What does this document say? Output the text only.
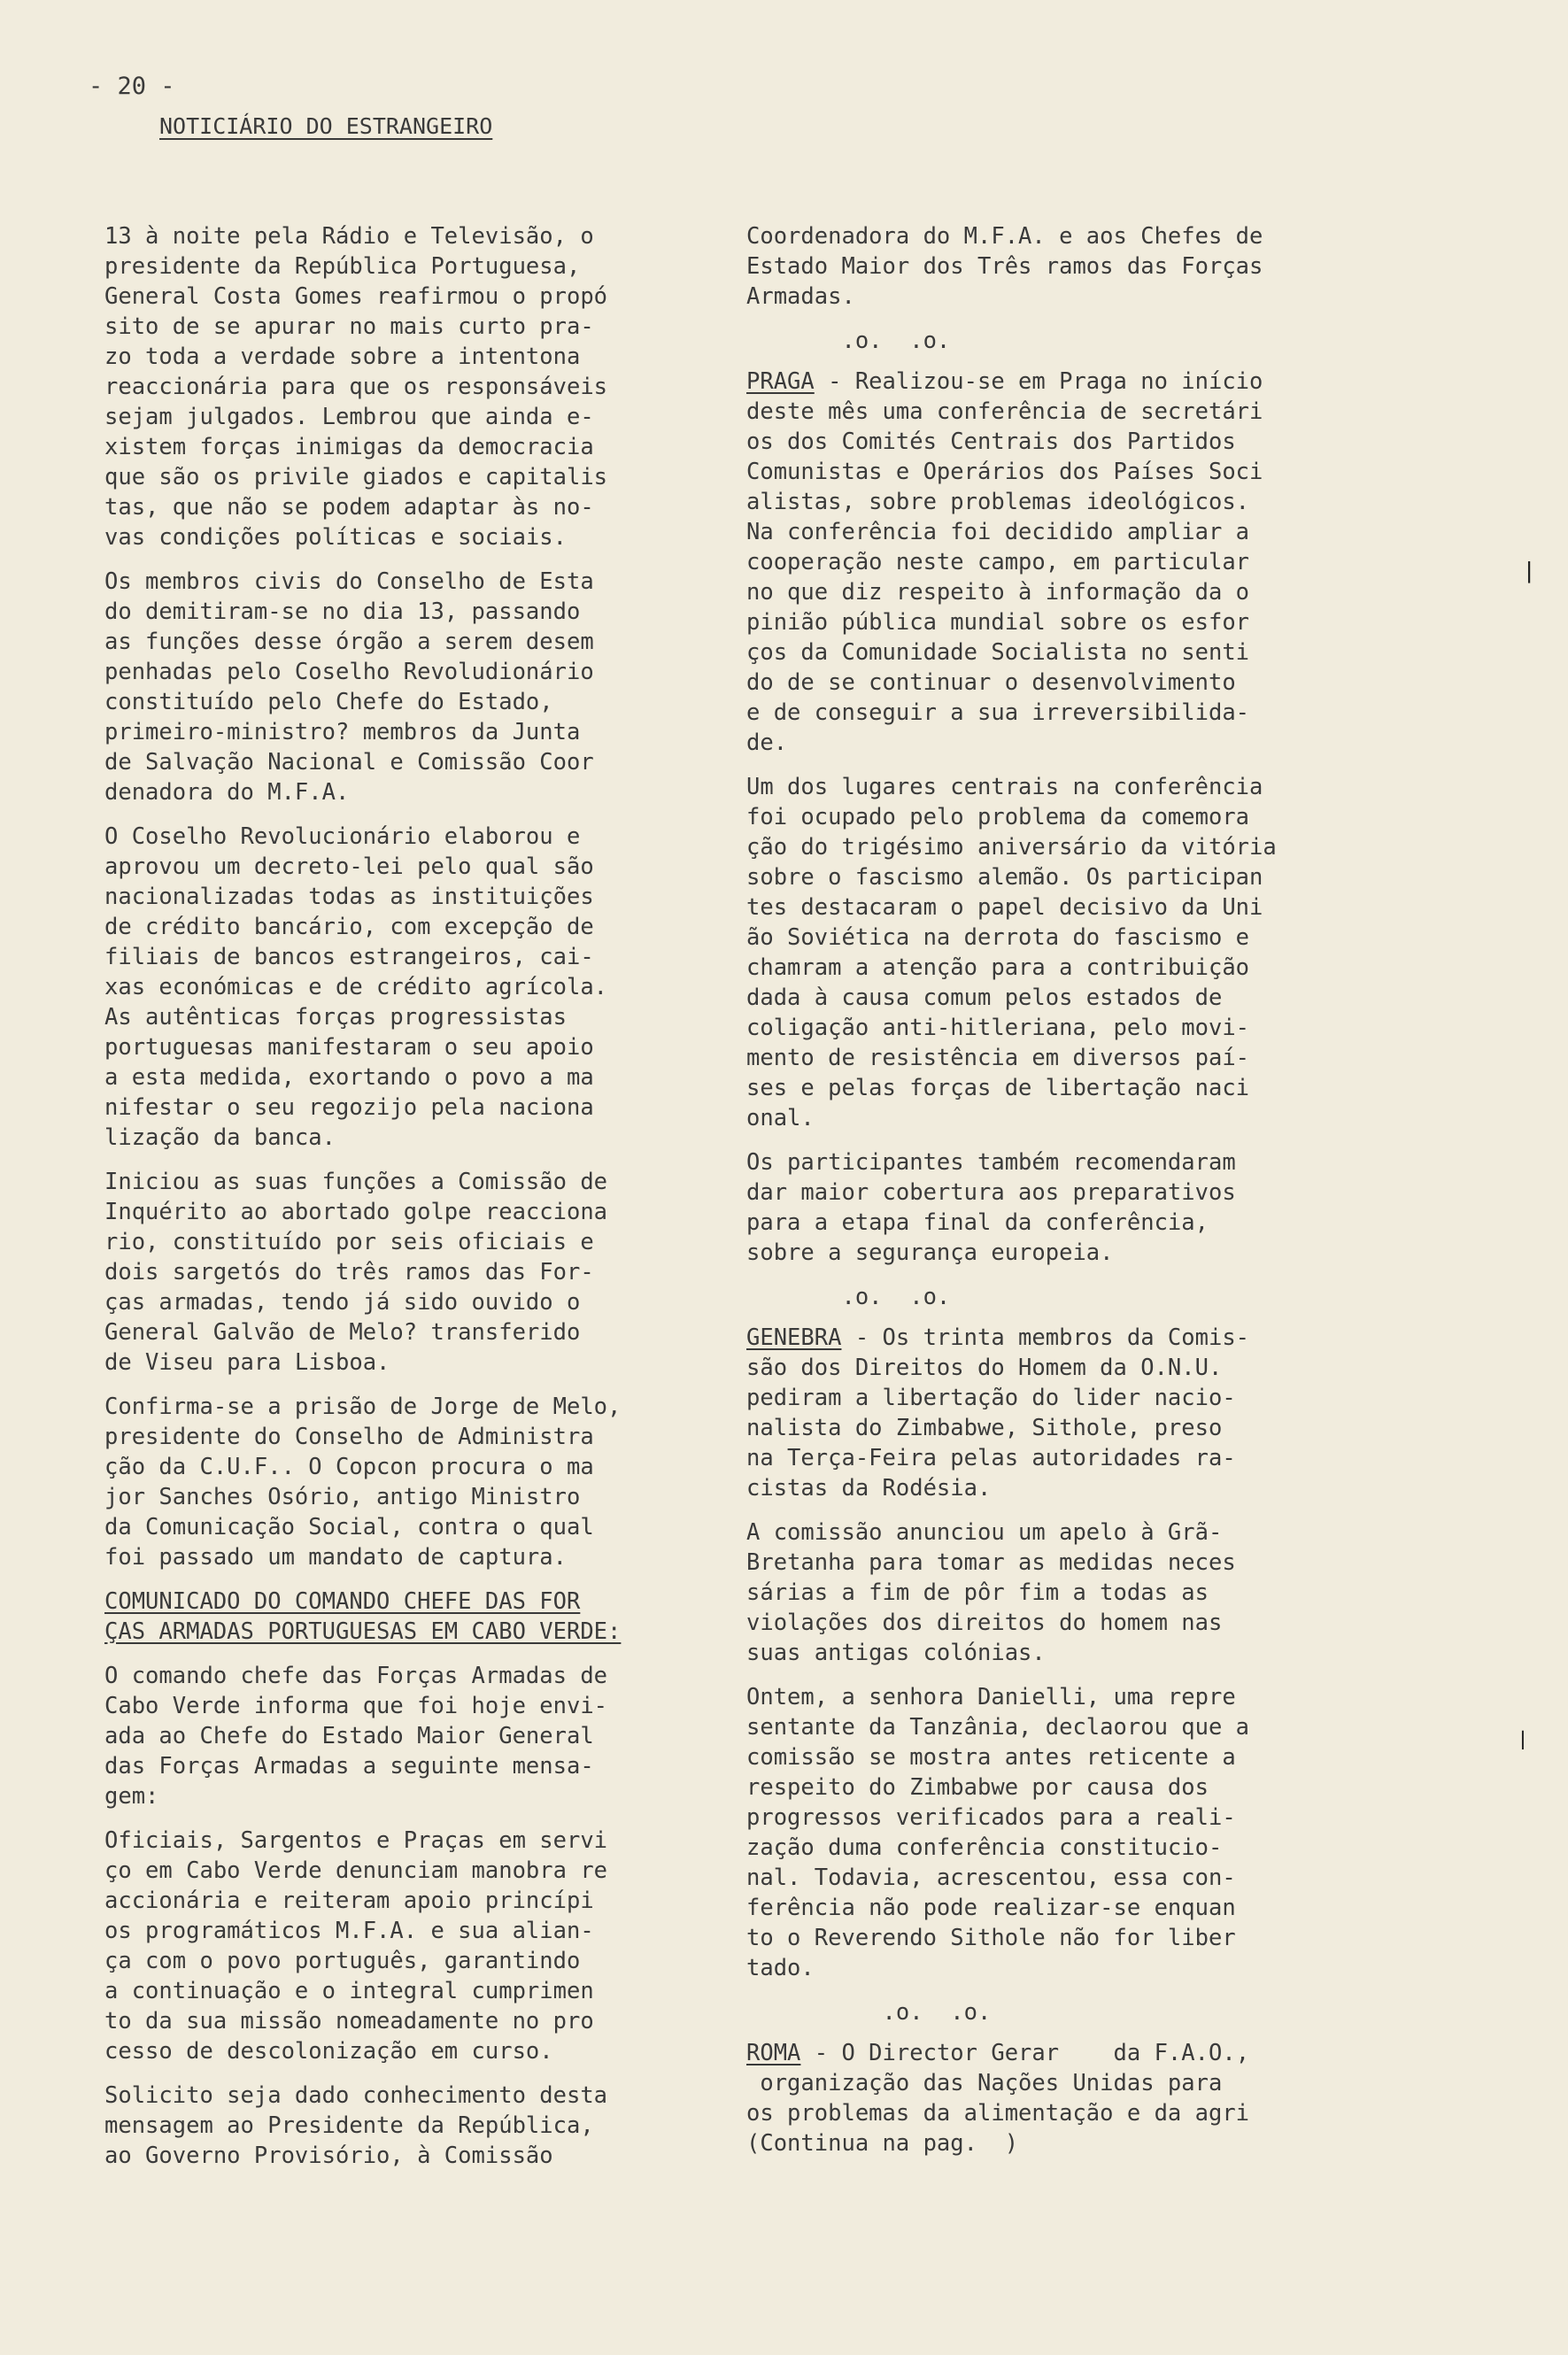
- 20 -
NOTICIÁRIO DO ESTRANGEIRO

13 à noite pela Rádio e Televisão, o
presidente da República Portuguesa,
General Costa Gomes reafirmou o propó
sito de se apurar no mais curto pra-
zo toda a verdade sobre a intentona
reaccionária para que os responsáveis
sejam julgados. Lembrou que ainda e-
xistem forças inimigas da democracia
que são os privile giados e capitalis
tas, que não se podem adaptar às no-
vas condições políticas e sociais.

Os membros civis do Conselho de Esta
do demitiram-se no dia 13, passando
as funções desse órgão a serem desem
penhadas pelo Coselho Revoludionário
constituído pelo Chefe do Estado,
primeiro-ministro? membros da Junta
de Salvação Nacional e Comissão Coor
denadora do M.F.A.

O Coselho Revolucionário elaborou e
aprovou um decreto-lei pelo qual são
nacionalizadas todas as instituições
de crédito bancário, com excepção de
filiais de bancos estrangeiros, cai-
xas económicas e de crédito agrícola.
As autênticas forças progressistas
portuguesas manifestaram o seu apoio
a esta medida, exortando o povo a ma
nifestar o seu regozijo pela naciona
lização da banca.

Iniciou as suas funções a Comissão de
Inquérito ao abortado golpe reacciona
rio, constituído por seis oficiais e
dois sargetós do três ramos das For-
ças armadas, tendo já sido ouvido o
General Galvão de Melo? transferido
de Viseu para Lisboa.

Confirma-se a prisão de Jorge de Melo,
presidente do Conselho de Administra
ção da C.U.F.. O Copcon procura o ma
jor Sanches Osório, antigo Ministro
da Comunicação Social, contra o qual
foi passado um mandato de captura.

COMUNICADO DO COMANDO CHEFE DAS FOR
ÇAS ARMADAS PORTUGUESAS EM CABO VERDE:

O comando chefe das Forças Armadas de
Cabo Verde informa que foi hoje envi-
ada ao Chefe do Estado Maior General
das Forças Armadas a seguinte mensa-
gem:

Oficiais, Sargentos e Praças em servi
ço em Cabo Verde denunciam manobra re
accionária e reiteram apoio princípi
os programáticos M.F.A. e sua alian-
ça com o povo português, garantindo
a continuação e o integral cumprimen
to da sua missão nomeadamente no pro
cesso de descolonização em curso.

Solicito seja dado conhecimento desta
mensagem ao Presidente da República,
ao Governo Provisório, à Comissão

Coordenadora do M.F.A. e aos Chefes de
Estado Maior dos Três ramos das Forças
Armadas.

.o.  .o.

PRAGA - Realizou-se em Praga no início
deste mês uma conferência de secretári
os dos Comités Centrais dos Partidos
Comunistas e Operários dos Países Soci
alistas, sobre problemas ideológicos.
Na conferência foi decidido ampliar a
cooperação neste campo, em particular
no que diz respeito à informação da o
pinião pública mundial sobre os esfor
ços da Comunidade Socialista no senti
do de se continuar o desenvolvimento
e de conseguir a sua irreversibilida-
de.

Um dos lugares centrais na conferência
foi ocupado pelo problema da comemora
ção do trigésimo aniversário da vitória
sobre o fascismo alemão. Os participan
tes destacaram o papel decisivo da Uni
ão Soviética na derrota do fascismo e
chamram a atenção para a contribuição
dada à causa comum pelos estados de
coligação anti-hitleriana, pelo movi-
mento de resistência em diversos paí-
ses e pelas forças de libertação naci
onal.

Os participantes também recomendaram
dar maior cobertura aos preparativos
para a etapa final da conferência,
sobre a segurança europeia.

.o.  .o.

GENEBRA - Os trinta membros da Comis-
são dos Direitos do Homem da O.N.U.
pediram a libertação do lider nacio-
nalista do Zimbabwe, Sithole, preso
na Terça-Feira pelas autoridades ra-
cistas da Rodésia.

A comissão anunciou um apelo à Grã-
Bretanha para tomar as medidas neces
sárias a fim de pôr fim a todas as
violações dos direitos do homem nas
suas antigas colónias.

Ontem, a senhora Danielli, uma repre
sentante da Tanzânia, declaorou que a
comissão se mostra antes reticente a
respeito do Zimbabwe por causa dos
progressos verificados para a reali-
zação duma conferência constitucio-
nal. Todavia, acrescentou, essa con-
ferência não pode realizar-se enquan
to o Reverendo Sithole não for liber
tado.

.o.  .o.

ROMA - O Director Gerar    da F.A.O.,
organização das Nações Unidas para
os problemas da alimentação e da agri
(Continua na pag.  )

❘
❘
